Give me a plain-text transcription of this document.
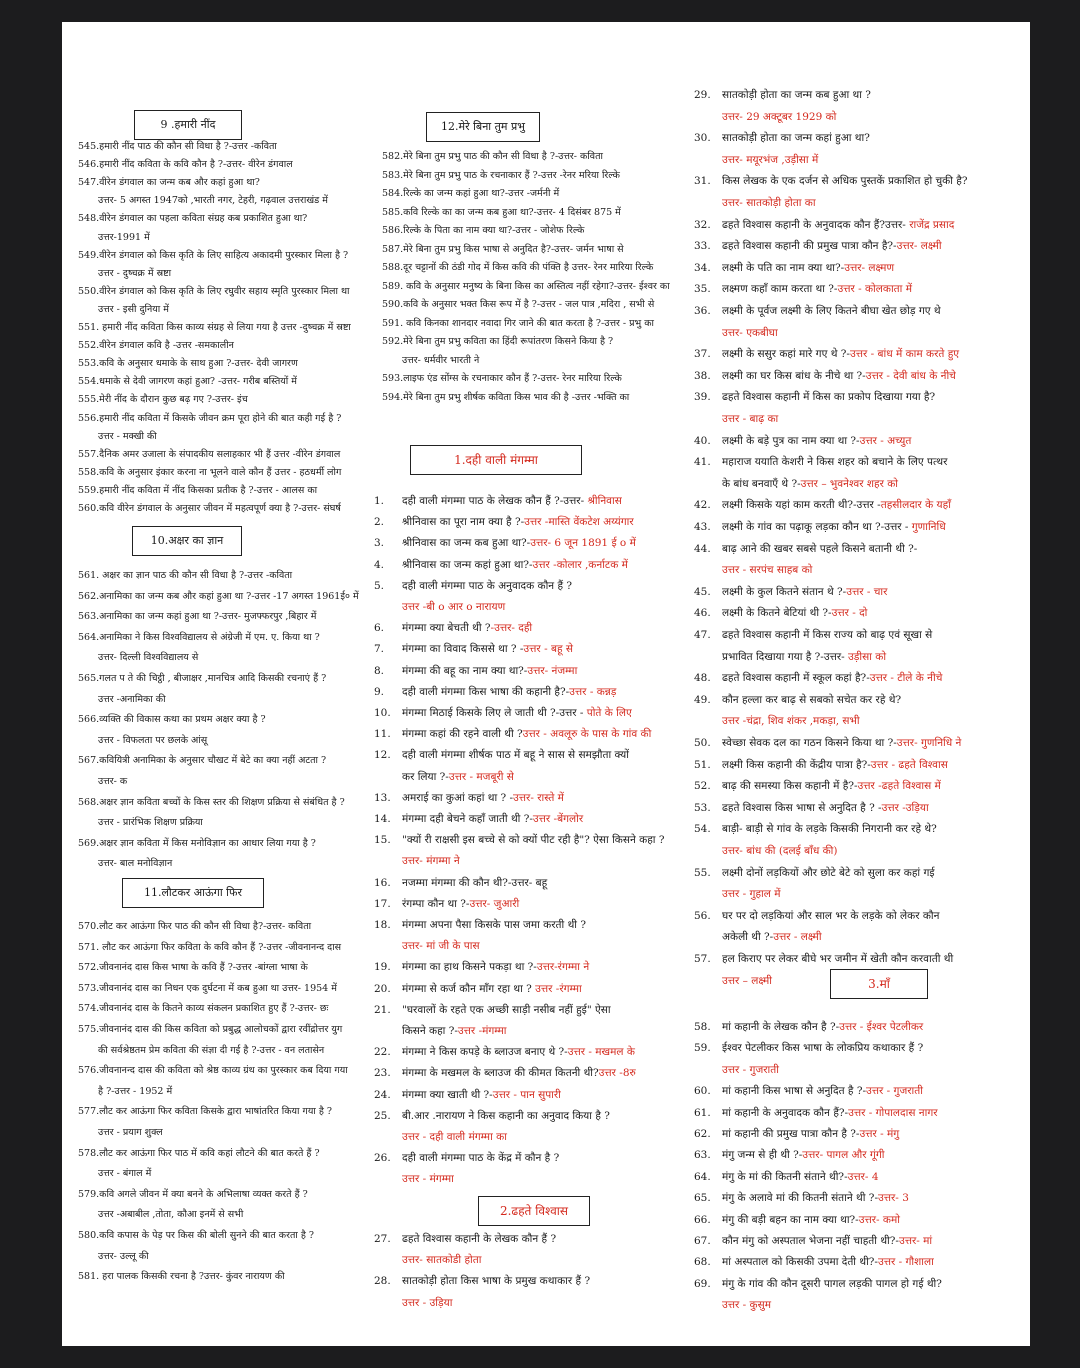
9 .हमारी नींद
545.हमारी नींद पाठ की कौन सी विधा है ?-उत्तर -कविता
546.हमारी नींद कविता के कवि कौन है ?-उत्तर- वीरेन डंगवाल
547.वीरेन डंगवाल का जन्म कब और कहां हुआ था?
उत्तर- 5 अगस्त 1947को ,भारती नगर, टेहरी, गढ़वाल उत्तराखंड में
548.वीरेन डंगवाल का पहला कविता संग्रह कब प्रकाशित हुआ था?
उत्तर-1991 में
549.वीरेन डंगवाल को किस कृति के लिए साहित्य अकादमी पुरस्कार मिला है ?
उत्तर - दुष्चक्र में स्रष्टा
550.वीरेन डंगवाल को किस कृति के लिए रघुवीर सहाय स्मृति पुरस्कार मिला था
उत्तर - इसी दुनिया में
551. हमारी नींद कविता किस काव्य संग्रह से लिया गया है उत्तर -दुष्चक्र में स्रष्टा
552.वीरेन डंगवाल कवि है -उत्तर -समकालीन
553.कवि के अनुसार धमाके के साथ हुआ ?-उत्तर- देवी जागरण
554.धमाके से देवी जागरण कहां हुआ? -उत्तर- गरीब बस्तियों में
555.मेरी नींद के दौरान कुछ बढ़ गए ?-उत्तर- इंच
556.हमारी नींद कविता में किसके जीवन क्रम पूरा होने की बात कही गई है ?
उत्तर - मक्खी की
557.दैनिक अमर उजाला के संपादकीय सलाहकार भी हैं उत्तर -वीरेन डंगवाल
558.कवि के अनुसार इंकार करना ना भूलने वाले कौन हैं उत्तर - हठधर्मी लोग
559.हमारी नींद कविता में नींद किसका प्रतीक है ?-उत्तर - आलस का
560.कवि वीरेन डंगवाल के अनुसार जीवन में महत्वपूर्ण क्या है ?-उत्तर- संघर्ष
10.अक्षर का ज्ञान
561. अक्षर का ज्ञान पाठ की कौन सी विधा है ?-उत्तर -कविता
562.अनामिका का जन्म कब और कहां हुआ था ?-उत्तर -17 अगस्त 1961ई० में
563.अनामिका का जन्म कहां हुआ था ?-उत्तर- मुजफ्फरपुर ,बिहार में
564.अनामिका ने किस विश्वविद्यालय से अंग्रेजी में एम. ए. किया था ?
उत्तर- दिल्ली विश्वविद्यालय से
565.गलत प ते की चिट्ठी , बीजाक्षर ,मानचित्र आदि किसकी रचनाएं हैं ?
उत्तर -अनामिका की
566.व्यक्ति की विकास कथा का प्रथम अक्षर क्या है ?
उत्तर - विफलता पर छलके आंसू
567.कवियित्री अनामिका के अनुसार चौखट में बेटे का क्या नहीं अटता ?
उत्तर- क
568.अक्षर ज्ञान कविता बच्चों के किस स्तर की शिक्षण प्रक्रिया से संबंधित है ?
उत्तर - प्रारंभिक शिक्षण प्रक्रिया
569.अक्षर ज्ञान कविता में किस मनोविज्ञान का आधार लिया गया है ?
उत्तर- बाल मनोविज्ञान
11.लौटकर आऊंगा फिर
570.लौट कर आऊंगा फिर पाठ की कौन सी विधा है?-उत्तर- कविता
571. लौट कर आऊंगा फिर कविता के कवि कौन हैं ?-उत्तर -जीवनानन्द दास
572.जीवनानंद दास किस भाषा के कवि हैं ?-उत्तर -बांग्ला भाषा के
573.जीवनानंद दास का निधन एक दुर्घटना में कब हुआ था उत्तर- 1954 में
574.जीवनानंद दास के कितने काव्य संकलन प्रकाशित हुए हैं ?-उत्तर- छः
575.जीवनानंद दास की किस कविता को प्रबुद्ध आलोचकों द्वारा रवींद्रोत्तर युग
की सर्वश्रेष्ठतम प्रेम कविता की संज्ञा दी गई है ?-उत्तर - वन लतासेन
576.जीवनानन्द दास की कविता को श्रेष्ठ काव्य ग्रंथ का पुरस्कार कब दिया गया
है ?-उत्तर - 1952 में
577.लौट कर आऊंगा फिर कविता किसके द्वारा भाषांतरित किया गया है ?
उत्तर - प्रयाग शुक्ल
578.लौट कर आऊंगा फिर पाठ में कवि कहां लौटने की बात करते हैं ?
उत्तर - बंगाल में
579.कवि अगले जीवन में क्या बनने के अभिलाषा व्यक्त करते हैं ?
उत्तर -अबाबील ,तोता, कौआ इनमें से सभी
580.कवि कपास के पेड़ पर किस की बोली सुनने की बात करता है ?
उत्तर- उल्लू की
581. हरा पालक किसकी रचना है ?उत्तर- कुंवर नारायण की
12.मेरे बिना तुम प्रभु
582.मेरे बिना तुम प्रभु पाठ की कौन सी विधा है ?-उत्तर- कविता
583.मेरे बिना तुम प्रभु पाठ के रचनाकार हैं ?-उत्तर -रेनर मरिया रिल्के
584.रिल्के का जन्म कहां हुआ था?-उत्तर -जर्मनी में
585.कवि रिल्के का का जन्म कब हुआ था?-उत्तर- 4 दिसंबर 875 में
586.रिल्के के पिता का नाम क्या था?-उत्तर - जोशेफ रिल्के
587.मेरे बिना तुम प्रभु किस भाषा से अनुदित है?-उत्तर- जर्मन भाषा से
588.दूर चट्टानों की ठंडी गोद में किस कवि की पंक्ति है उत्तर- रेनर मारिया रिल्के
589. कवि के अनुसार मनुष्य के बिना किस का अस्तित्व नहीं रहेगा?-उत्तर- ईश्वर का
590.कवि के अनुसार भक्त किस रूप में है ?-उत्तर - जल पात्र ,मदिरा , सभी से
591. कवि किनका शानदार नवादा गिर जाने की बात करता है ?-उत्तर - प्रभु का
592.मेरे बिना तुम प्रभु कविता का हिंदी रूपांतरण किसने किया है ?
उत्तर- धर्मवीर भारती ने
593.लाइफ एंड सोंग्स के रचनाकार कौन हैं ?-उत्तर- रेनर मारिया रिल्के
594.मेरे बिना तुम प्रभु शीर्षक कविता किस भाव की है -उत्तर -भक्ति का
1.दही वाली मंगम्मा
1. दही वाली मंगम्मा पाठ के लेखक कौन हैं ?-उत्तर- श्रीनिवास
2. श्रीनिवास का पूरा नाम क्या है ?-उत्तर -मास्ति वेंकटेश अय्यंगार
3. श्रीनिवास का जन्म कब हुआ था?-उत्तर- 6 जून 1891 ई o में
4. श्रीनिवास का जन्म कहां हुआ था?-उत्तर -कोलार ,कर्नाटक में
5. दही वाली मंगम्मा पाठ के अनुवादक कौन हैं ?
उत्तर -बी o आर o नारायण
6. मंगम्मा क्या बेचती थी ?-उत्तर- दही
7. मंगम्मा का विवाद किससे था ? -उत्तर - बहू से
8. मंगम्मा की बहू का नाम क्या था?-उत्तर- नंजम्मा
9. दही वाली मंगम्मा किस भाषा की कहानी है?-उत्तर - कन्नड़
10. मंगम्मा मिठाई किसके लिए ले जाती थी ?-उत्तर - पोते के लिए
11. मंगम्मा कहां की रहने वाली थी ?उत्तर - अवलूरु के पास के गांव की
12. दही वाली मंगम्मा शीर्षक पाठ में बहू ने सास से समझौता क्यों
कर लिया ?-उत्तर - मजबूरी से
13. अमराई का कुआं कहां था ? -उत्तर- रास्ते में
14. मंगम्मा दही बेचने कहाँ जाती थी ?-उत्तर -बेंगलोर
15. "क्यों री राक्षसी इस बच्चे से को क्यों पीट रही है"? ऐसा किसने कहा ?
उत्तर- मंगम्मा ने
16. नजम्मा मंगम्मा की कौन थी?-उत्तर- बहू
17. रंगम्पा कौन था ?-उत्तर- जुआरी
18. मंगम्मा अपना पैसा किसके पास जमा करती थी ?
उत्तर- मां जी के पास
19. मंगम्मा का हाथ किसने पकड़ा था ?-उत्तर-रंगम्मा ने
20. मंगम्मा से कर्ज कौन माँग रहा था ? उत्तर -रंगम्मा
21. "घरवालों के रहते एक अच्छी साड़ी नसीब नहीं हुई" ऐसा
किसने कहा ?-उत्तर -मंगम्मा
22. मंगम्मा ने किस कपड़े के ब्लाउज बनाए थे ?-उत्तर - मखमल के
23. मंगम्मा के मखमल के ब्लाउज की कीमत कितनी थी?उत्तर -8रु
24. मंगम्मा क्या खाती थी ?-उत्तर - पान सुपारी
25. बी.आर .नारायण ने किस कहानी का अनुवाद किया है ?
उत्तर - दही वाली मंगम्मा का
26. दही वाली मंगम्मा पाठ के केंद्र में कौन है ?
उत्तर - मंगम्मा
2.ढहते विश्वास
27. ढहते विश्वास कहानी के लेखक कौन हैं ?
उत्तर- सातकोडी होता
28. सातकोड़ी होता किस भाषा के प्रमुख कथाकार हैं ?
उत्तर - उड़िया
29. सातकोड़ी होता का जन्म कब हुआ था ?
उत्तर- 29 अक्टूबर 1929 को
30. सातकोड़ी होता का जन्म कहां हुआ था?
उत्तर- मयूरभंज ,उड़ीसा में
31. किस लेखक के एक दर्जन से अधिक पुस्तकें प्रकाशित हो चुकी है?
उत्तर- सातकोड़ी होता का
32. ढहते विश्वास कहानी के अनुवादक कौन हैं?उत्तर- राजेंद्र प्रसाद
33. ढहते विश्वास कहानी की प्रमुख पात्रा कौन है?-उत्तर- लक्ष्मी
34. लक्ष्मी के पति का नाम क्या था?-उत्तर- लक्ष्मण
35. लक्ष्मण कहाँ काम करता था ?-उत्तर - कोलकाता में
36. लक्ष्मी के पूर्वज लक्ष्मी के लिए कितने बीघा खेत छोड़ गए थे
उत्तर- एकबीघा
37. लक्ष्मी के ससुर कहां मारे गए थे ?-उत्तर - बांध में काम करते हुए
38. लक्ष्मी का घर किस बांध के नीचे था ?-उत्तर - देवी बांध के नीचे
39. ढहते विश्वास कहानी में किस का प्रकोप दिखाया गया है?
उत्तर - बाढ़ का
40. लक्ष्मी के बड़े पुत्र का नाम क्या था ?-उत्तर - अच्युत
41. महाराज ययाति केशरी ने किस शहर को बचाने के लिए पत्थर
के बांध बनवाएँ थे ?-उत्तर – भुवनेश्वर शहर को
42. लक्ष्मी किसके यहां काम करती थी?-उत्तर -तहसीलदार के यहाँ
43. लक्ष्मी के गांव का पढ़ाकू लड़का कौन था ?-उत्तर - गुणानिधि
44. बाढ़ आने की खबर सबसे पहले किसने बतानी थी ?-
उत्तर - सरपंच साहब को
45. लक्ष्मी के कुल कितने संतान थे ?-उत्तर - चार
46. लक्ष्मी के कितने बेटियां थी ?-उत्तर - दो
47. ढहते विश्वास कहानी में किस राज्य को बाढ़ एवं सूखा से
प्रभावित दिखाया गया है ?-उत्तर- उड़ीसा को
48. ढहते विश्वास कहानी में स्कूल कहां है?-उत्तर - टीले के नीचे
49. कौन हल्ला कर बाढ़ से सबको सचेत कर रहे थे?
उत्तर -चंद्रा, शिव शंकर ,मकड़ा, सभी
50. स्वेच्छा सेवक दल का गठन किसने किया था ?-उत्तर- गुणनिधि ने
51. लक्ष्मी किस कहानी की केंद्रीय पात्रा है?-उत्तर - ढहते विश्वास
52. बाढ़ की समस्या किस कहानी में है?-उत्तर -ढहते विश्वास में
53. ढहते विश्वास किस भाषा से अनुदित है ? -उत्तर -उड़िया
54. बाड़ी- बाड़ी से गांव के लड़के किसकी निगरानी कर रहे थे?
उत्तर- बांध की (दलई बाँध की)
55. लक्ष्मी दोनों लड़कियों और छोटे बेटे को सुला कर कहां गई
उत्तर - गुहाल में
56. घर पर दो लड़कियां और साल भर के लड़के को लेकर कौन
अकेली थी ?-उत्तर - लक्ष्मी
57. हल किराए पर लेकर बीघे भर जमीन में खेती कौन करवाती थी
उत्तर – लक्ष्मी	3.माँ
58. मां कहानी के लेखक कौन है ?-उत्तर - ईश्वर पेटलीकर
59. ईश्वर पेटलीकर किस भाषा के लोकप्रिय कथाकार हैं ?
उत्तर - गुजराती
60. मां कहानी किस भाषा से अनुदित है ?-उत्तर - गुजराती
61. मां कहानी के अनुवादक कौन हैं?-उत्तर - गोपालदास नागर
62. मां कहानी की प्रमुख पात्रा कौन है ?-उत्तर - मंगु
63. मंगु जन्म से ही थी ?-उत्तर- पागल और गूंगी
64. मंगु के मां की कितनी संताने थी?-उत्तर- 4
65. मंगु के अलावे मां की कितनी संताने थी ?-उत्तर- 3
66. मंगु की बड़ी बहन का नाम क्या था?-उत्तर- कमो
67. कौन मंगु को अस्पताल भेजना नहीं चाहती थी?-उत्तर- मां
68. मां अस्पताल को किसकी उपमा देती थी?-उत्तर - गौशाला
69. मंगु के गांव की कौन दूसरी पागल लड़की पागल हो गई थी?
उत्तर - कुसुम
